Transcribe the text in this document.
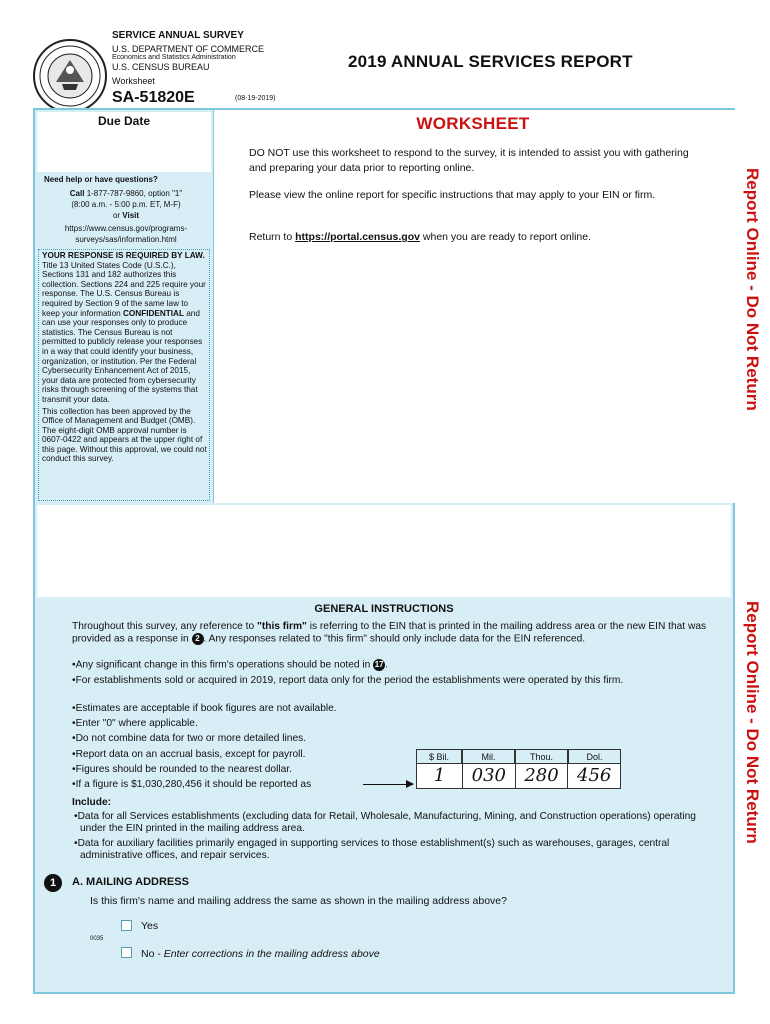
SERVICE ANNUAL SURVEY
U.S. DEPARTMENT OF COMMERCE
Economics and Statistics Administration
U.S. CENSUS BUREAU
Worksheet
SA-51820E	(08-19-2019)
2019 ANNUAL SERVICES REPORT
Due Date
Need help or have questions?
Call 1-877-787-9860, option "1"
(8:00 a.m. - 5:00 p.m. ET, M-F)
or Visit
https://www.census.gov/programs-surveys/sas/information.html
YOUR RESPONSE IS REQUIRED BY LAW. Title 13 United States Code (U.S.C.), Sections 131 and 182 authorizes this collection. Sections 224 and 225 require your response. The U.S. Census Bureau is required by Section 9 of the same law to keep your information CONFIDENTIAL and can use your responses only to produce statistics. The Census Bureau is not permitted to publicly release your responses in a way that could identify your business, organization, or institution. Per the Federal Cybersecurity Enhancement Act of 2015, your data are protected from cybersecurity risks through screening of the systems that transmit your data.
This collection has been approved by the Office of Management and Budget (OMB). The eight-digit OMB approval number is 0607-0422 and appears at the upper right of this page. Without this approval, we could not conduct this survey.
WORKSHEET
DO NOT use this worksheet to respond to the survey, it is intended to assist you with gathering and preparing your data prior to reporting online.
Please view the online report for specific instructions that may apply to your EIN or firm.
Return to https://portal.census.gov when you are ready to report online.	Report Online - Do Not Return
Report Online - Do Not Return
GENERAL INSTRUCTIONS
Throughout this survey, any reference to "this firm" is referring to the EIN that is printed in the mailing address area or the new EIN that was provided as a response in 2 . Any responses related to "this firm" should only include data for the EIN referenced.
•Any significant change in this firm's operations should be noted in 17 .
•For establishments sold or acquired in 2019, report data only for the period the establishments were operated by this firm.
•Estimates are acceptable if book figures are not available.
•Enter "0" where applicable.
•Do not combine data for two or more detailed lines.
•Report data on an accrual basis, except for payroll.
•Figures should be rounded to the nearest dollar.
•If a figure is $1,030,280,456 it should be reported as
$ Bil.	Mil.	Thou.	Dol.
1	030	280	456
Include:
•Data for all Services establishments (excluding data for Retail, Wholesale, Manufacturing, Mining, and Construction operations) operating under the EIN printed in the mailing address area.
•Data for auxiliary facilities primarily engaged in supporting services to those establishment(s) such as warehouses, garages, central administrative offices, and repair services.
1	A. MAILING ADDRESS
Is this firm's name and mailing address the same as shown in the mailing address above?
Yes
0035
No - Enter corrections in the mailing address above
